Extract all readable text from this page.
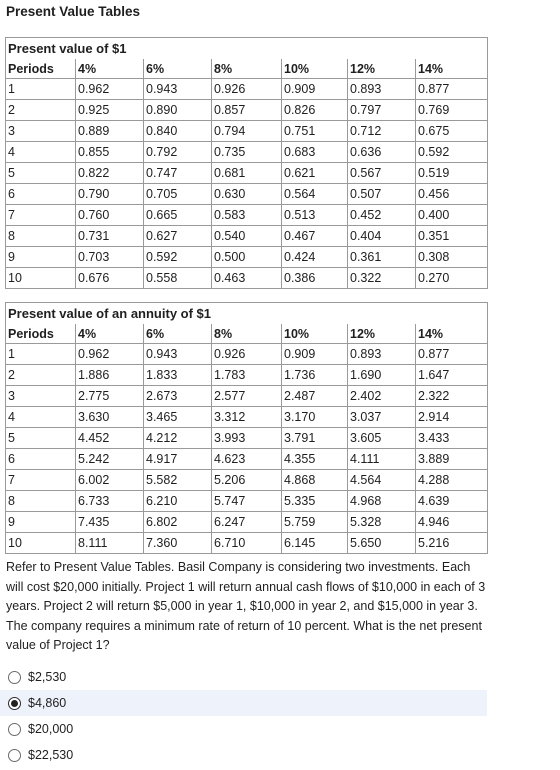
Present Value Tables
Present value of $1						
Periods	4%	6%	8%	10%	12%	14%
1	0.962	0.943	0.926	0.909	0.893	0.877
2	0.925	0.890	0.857	0.826	0.797	0.769
3	0.889	0.840	0.794	0.751	0.712	0.675
4	0.855	0.792	0.735	0.683	0.636	0.592
5	0.822	0.747	0.681	0.621	0.567	0.519
6	0.790	0.705	0.630	0.564	0.507	0.456
7	0.760	0.665	0.583	0.513	0.452	0.400
8	0.731	0.627	0.540	0.467	0.404	0.351
9	0.703	0.592	0.500	0.424	0.361	0.308
10	0.676	0.558	0.463	0.386	0.322	0.270
Present value of an annuity of $1						
Periods	4%	6%	8%	10%	12%	14%
1	0.962	0.943	0.926	0.909	0.893	0.877
2	1.886	1.833	1.783	1.736	1.690	1.647
3	2.775	2.673	2.577	2.487	2.402	2.322
4	3.630	3.465	3.312	3.170	3.037	2.914
5	4.452	4.212	3.993	3.791	3.605	3.433
6	5.242	4.917	4.623	4.355	4.111	3.889
7	6.002	5.582	5.206	4.868	4.564	4.288
8	6.733	6.210	5.747	5.335	4.968	4.639
9	7.435	6.802	6.247	5.759	5.328	4.946
10	8.111	7.360	6.710	6.145	5.650	5.216
Refer to Present Value Tables. Basil Company is considering two investments. Each will cost $20,000 initially. Project 1 will return annual cash flows of $10,000 in each of 3 years. Project 2 will return $5,000 in year 1, $10,000 in year 2, and $15,000 in year 3. The company requires a minimum rate of return of 10 percent. What is the net present value of Project 1?
$2,530
$4,860
$20,000
$22,530
